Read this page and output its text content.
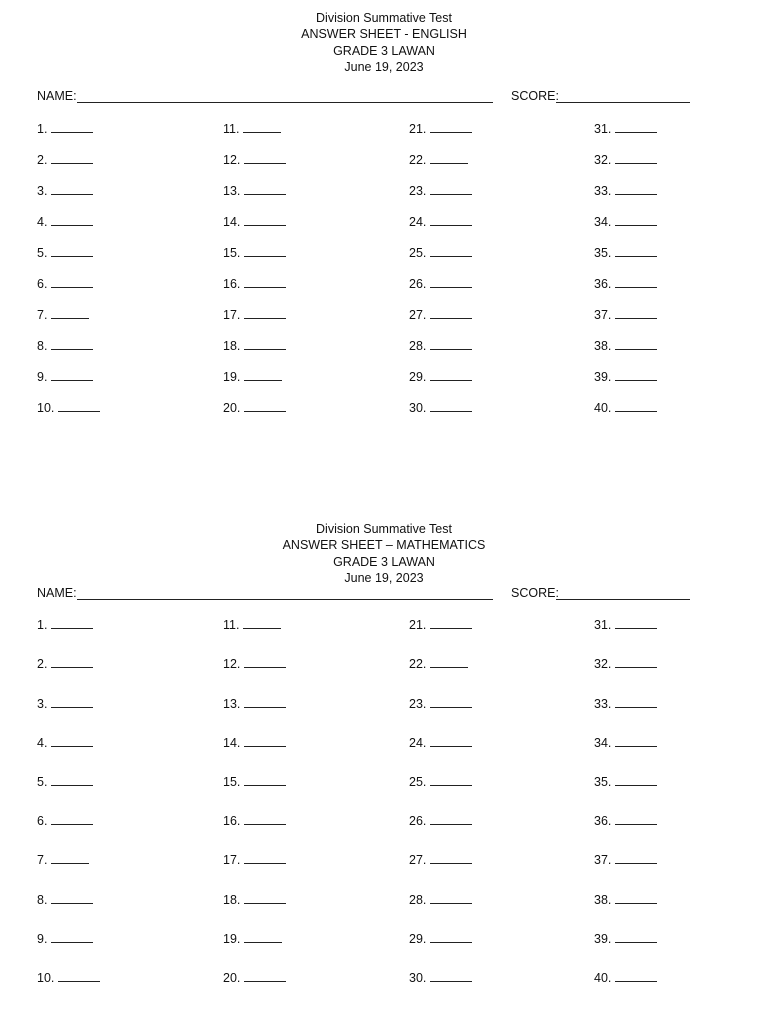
Division Summative Test
ANSWER SHEET - ENGLISH
GRADE 3 LAWAN
June 19, 2023
NAME:	SCORE:
1.
2.
3.
4.
5.
6.
7.
8.
9.
10.
11.
12.
13.
14.
15.
16.
17.
18.
19.
20.
21.
22.
23.
24.
25.
26.
27.
28.
29.
30.
31.
32.
33.
34.
35.
36.
37.
38.
39.
40.
Division Summative Test
ANSWER SHEET – MATHEMATICS
GRADE 3 LAWAN
June 19, 2023
NAME:	SCORE:
1.
2.
3.
4.
5.
6.
7.
8.
9.
10.
11.
12.
13.
14.
15.
16.
17.
18.
19.
20.
21.
22.
23.
24.
25.
26.
27.
28.
29.
30.
31.
32.
33.
34.
35.
36.
37.
38.
39.
40.
